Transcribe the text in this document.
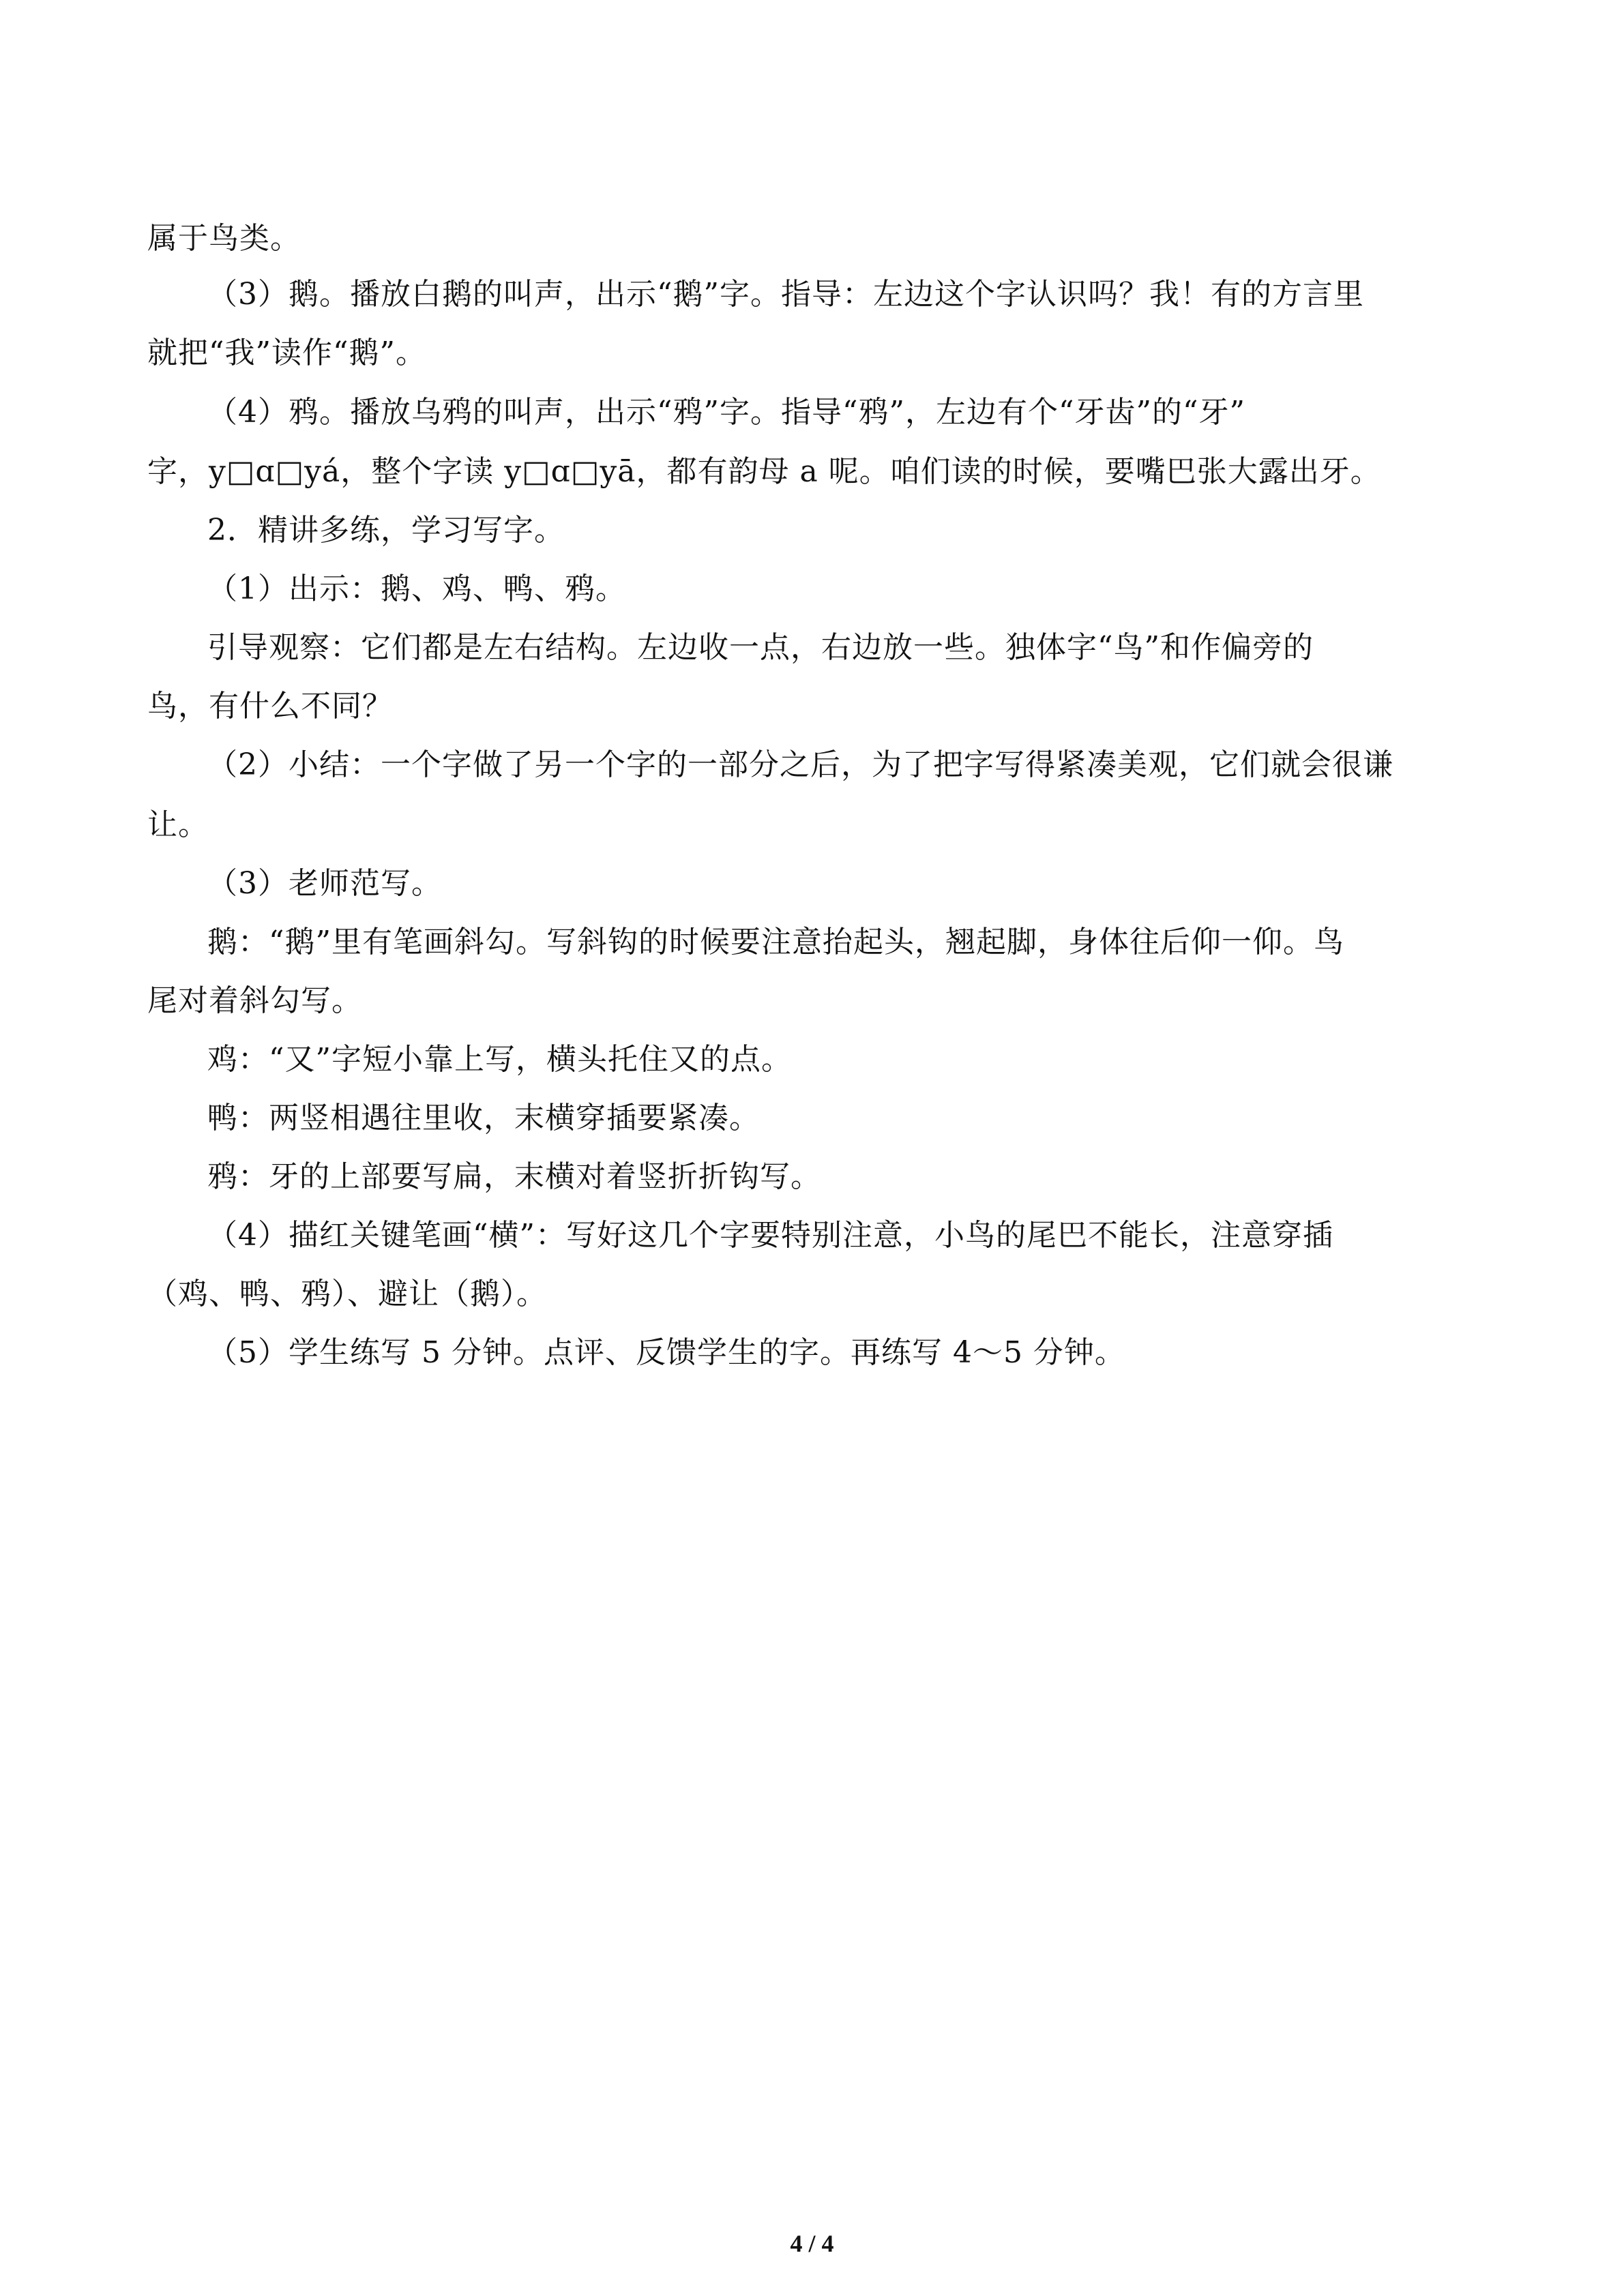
属于鸟类。
（3）鹅。播放白鹅的叫声，出示“鹅”字。指导：左边这个字认识吗？我！有的方言里
就把“我”读作“鹅”。
（4）鸦。播放乌鸦的叫声，出示“鸦”字。指导“鸦”，左边有个“牙齿”的“牙”
字，y□ɑ□yá，整个字读 y□ɑ□yā，都有韵母 a 呢。咱们读的时候，要嘴巴张大露出牙。
2．精讲多练，学习写字。
（1）出示：鹅、鸡、鸭、鸦。
引导观察：它们都是左右结构。左边收一点，右边放一些。独体字“鸟”和作偏旁的
鸟，有什么不同？
（2）小结：一个字做了另一个字的一部分之后，为了把字写得紧凑美观，它们就会很谦
让。
（3）老师范写。
鹅：“鹅”里有笔画斜勾。写斜钩的时候要注意抬起头，翘起脚，身体往后仰一仰。鸟
尾对着斜勾写。
鸡：“又”字短小靠上写，横头托住又的点。
鸭：两竖相遇往里收，末横穿插要紧凑。
鸦：牙的上部要写扁，末横对着竖折折钩写。
（4）描红关键笔画“横”：写好这几个字要特别注意，小鸟的尾巴不能长，注意穿插
（鸡、鸭、鸦）、避让（鹅）。
（5）学生练写 5 分钟。点评、反馈学生的字。再练写 4～5 分钟。
4 / 4
